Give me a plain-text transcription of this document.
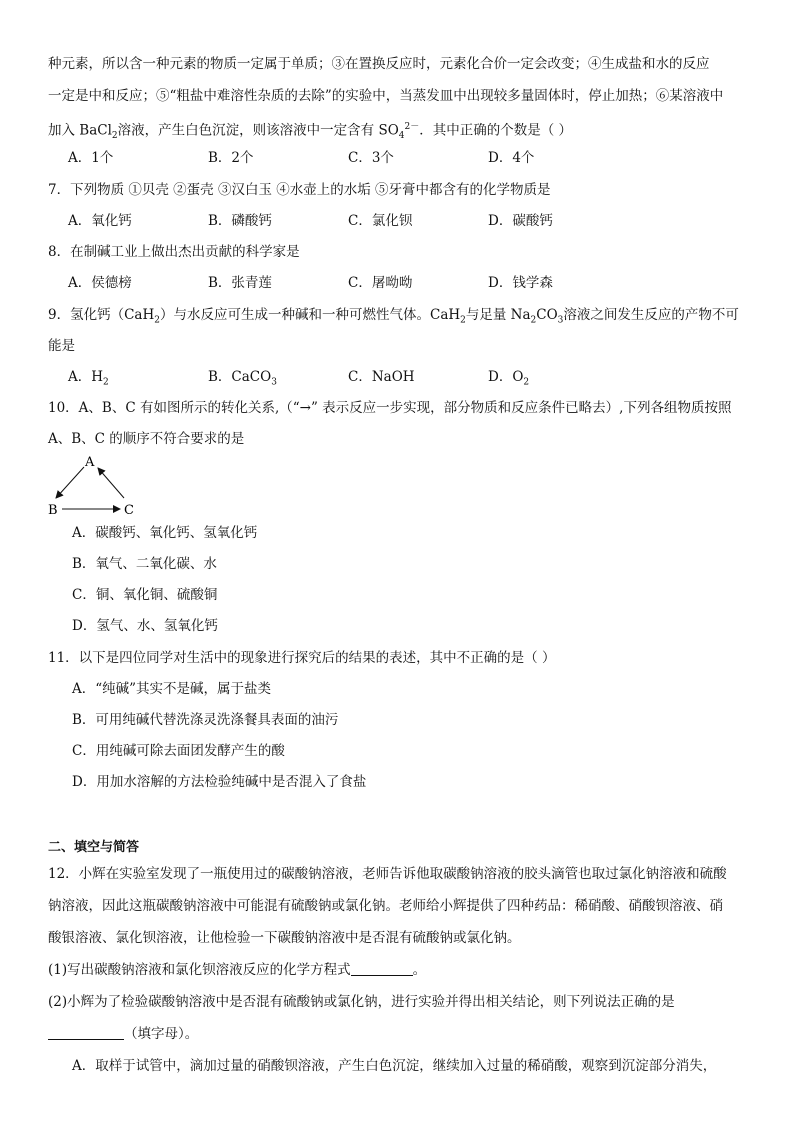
种元素，所以含一种元素的物质一定属于单质；③在置换反应时，元素化合价一定会改变；④生成盐和水的反应
一定是中和反应；⑤“粗盐中难溶性杂质的去除”的实验中，当蒸发皿中出现较多量固体时，停止加热；⑥某溶液中
加入 BaCl$_2$溶液，产生白色沉淀，则该溶液中一定含有 $SO_4^{2-}$．其中正确的个数是（ ）
A．1个	B．2个	C．3个	D．4个
7．下列物质 ①贝壳 ②蛋壳 ③汉白玉 ④水壶上的水垢 ⑤牙膏中都含有的化学物质是
A．氧化钙	B．磷酸钙	C．氯化钡	D．碳酸钙
8．在制碱工业上做出杰出贡献的科学家是
A．侯德榜	B．张青莲	C．屠呦呦	D．钱学森
9．氢化钙（CaH$_2$）与水反应可生成一种碱和一种可燃性气体。CaH$_2$与足量 $Na_2CO_3$溶液之间发生反应的产物不可
能是
A．$H_2$	B．CaCO$_3$	C．NaOH	D．$O_2$
10．A、B、C 有如图所示的转化关系,（“→” 表示反应一步实现，部分物质和反应条件已略去）,下列各组物质按照
A、B、C 的顺序不符合要求的是
A
B	C
A．碳酸钙、氧化钙、氢氧化钙
B．氧气、二氧化碳、水
C．铜、氧化铜、硫酸铜
D．氢气、水、氢氧化钙
11．以下是四位同学对生活中的现象进行探究后的结果的表述，其中不正确的是（ ）
A．“纯碱”其实不是碱，属于盐类
B．可用纯碱代替洗涤灵洗涤餐具表面的油污
C．用纯碱可除去面团发酵产生的酸
D．用加水溶解的方法检验纯碱中是否混入了食盐
二、填空与简答
12．小辉在实验室发现了一瓶使用过的碳酸钠溶液，老师告诉他取碳酸钠溶液的胶头滴管也取过氯化钠溶液和硫酸
钠溶液，因此这瓶碳酸钠溶液中可能混有硫酸钠或氯化钠。老师给小辉提供了四种药品：稀硝酸、硝酸钡溶液、硝
酸银溶液、氯化钡溶液，让他检验一下碳酸钠溶液中是否混有硫酸钠或氯化钠。
(1)写出碳酸钠溶液和氯化钡溶液反应的化学方程式	。
(2)小辉为了检验碳酸钠溶液中是否混有硫酸钠或氯化钠，进行实验并得出相关结论，则下列说法正确的是
（填字母）。
A．取样于试管中，滴加过量的硝酸钡溶液，产生白色沉淀，继续加入过量的稀硝酸，观察到沉淀部分消失，
